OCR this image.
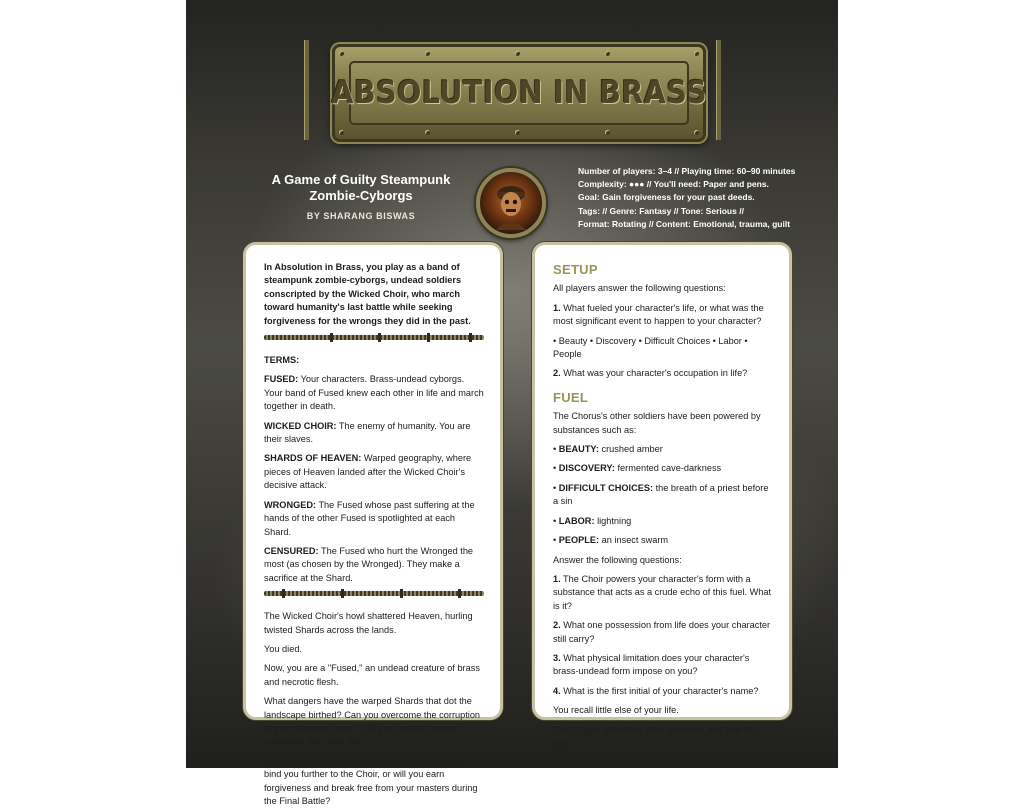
ABSOLUTION IN BRASS
A Game of Guilty Steampunk Zombie-Cyborgs
BY SHARANG BISWAS
Number of players: 3–4 // Playing time: 60–90 minutes
Complexity: ●●● // You'll need: Paper and pens.
Goal: Gain forgiveness for your past deeds.
Tags: // Genre: Fantasy // Tone: Serious //
Format: Rotating // Content: Emotional, trauma, guilt

In Absolution in Brass, you play as a band of steampunk zombie-cyborgs, undead soldiers conscripted by the Wicked Choir, who march toward humanity's last battle while seeking forgiveness for the wrongs they did in the past.

TERMS:

FUSED: Your characters. Brass-undead cyborgs. Your band of Fused knew each other in life and march together in death.

WICKED CHOIR: The enemy of humanity. You are their slaves.

SHARDS OF HEAVEN: Warped geography, where pieces of Heaven landed after the Wicked Choir's decisive attack.

WRONGED: The Fused whose past suffering at the hands of the other Fused is spotlighted at each Shard.

CENSURED: The Fused who hurt the Wronged the most (as chosen by the Wronged). They make a sacrifice at the Shard.

The Wicked Choir's howl shattered Heaven, hurling twisted Shards across the lands.

You died.

Now, you are a "Fused," an undead creature of brass and necrotic flesh.

What dangers have the warped Shards that dot the landscape birthed? Can you overcome the corruption of your decaying body? Will you unearth terrible memories from your life?

And will these memories of guilt, shame, and pain bind you further to the Choir, or will you earn forgiveness and break free from your masters during the Final Battle?

SETUP

All players answer the following questions:

1. What fueled your character's life, or what was the most significant event to happen to your character?

• Beauty • Discovery • Difficult Choices • Labor • People

2. What was your character's occupation in life?

FUEL

The Chorus's other soldiers have been powered by substances such as:

• BEAUTY: crushed amber

• DISCOVERY: fermented cave-darkness

• DIFFICULT CHOICES: the breath of a priest before a sin

• LABOR: lightning

• PEOPLE: an insect swarm

Answer the following questions:

1. The Choir powers your character's form with a substance that acts as a crude echo of this fuel. What is it?

2. What one possession from life does your character still carry?

3. What physical limitation does your character's brass-undead form impose on you?

4. What is the first initial of your character's name?

You recall little else of your life.

Each player describes their character and how they look.
